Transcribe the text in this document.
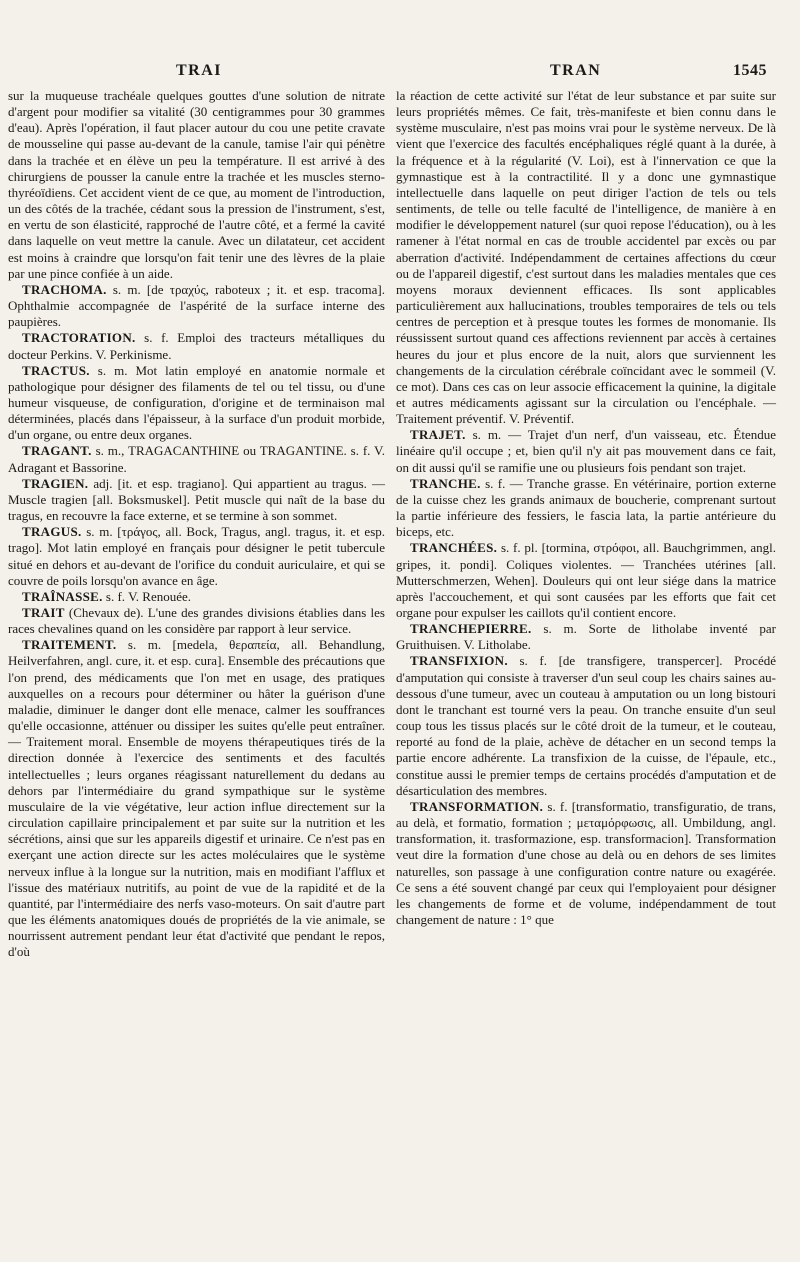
TRAI	TRAN	1545

sur la muqueuse trachéale quelques gouttes d'une solution de nitrate d'argent pour modifier sa vitalité (30 centigrammes pour 30 grammes d'eau). Après l'opération, il faut placer autour du cou une petite cravate de mousseline qui passe au-devant de la canule, tamise l'air qui pénètre dans la trachée et en élève un peu la température. Il est arrivé à des chirurgiens de pousser la canule entre la trachée et les muscles sterno-thyréoïdiens. Cet accident vient de ce que, au moment de l'introduction, un des côtés de la trachée, cédant sous la pression de l'instrument, s'est, en vertu de son élasticité, rapproché de l'autre côté, et a fermé la cavité dans laquelle on veut mettre la canule. Avec un dilatateur, cet accident est moins à craindre que lorsqu'on fait tenir une des lèvres de la plaie par une pince confiée à un aide.

TRACHOMA. s. m. [de τραχύς, raboteux ; it. et esp. tracoma]. Ophthalmie accompagnée de l'aspérité de la surface interne des paupières.

TRACTORATION. s. f. Emploi des tracteurs métalliques du docteur Perkins. V. Perkinisme.

TRACTUS. s. m. Mot latin employé en anatomie normale et pathologique pour désigner des filaments de tel ou tel tissu, ou d'une humeur visqueuse, de configuration, d'origine et de terminaison mal déterminées, placés dans l'épaisseur, à la surface d'un produit morbide, d'un organe, ou entre deux organes.

TRAGANT. s. m., TRAGACANTHINE ou TRAGANTINE. s. f. V. Adragant et Bassorine.

TRAGIEN. adj. [it. et esp. tragiano]. Qui appartient au tragus. — Muscle tragien [all. Boksmuskel]. Petit muscle qui naît de la base du tragus, en recouvre la face externe, et se termine à son sommet.

TRAGUS. s. m. [τράγος, all. Bock, Tragus, angl. tragus, it. et esp. trago]. Mot latin employé en français pour désigner le petit tubercule situé en dehors et au-devant de l'orifice du conduit auriculaire, et qui se couvre de poils lorsqu'on avance en âge.

TRAÎNASSE. s. f. V. Renouée.

TRAIT (Chevaux de). L'une des grandes divisions établies dans les races chevalines quand on les considère par rapport à leur service.

TRAITEMENT. s. m. [medela, θεραπεία, all. Behandlung, Heilverfahren, angl. cure, it. et esp. cura]. Ensemble des précautions que l'on prend, des médicaments que l'on met en usage, des pratiques auxquelles on a recours pour déterminer ou hâter la guérison d'une maladie, diminuer le danger dont elle menace, calmer les souffrances qu'elle occasionne, atténuer ou dissiper les suites qu'elle peut entraîner. — Traitement moral. Ensemble de moyens thérapeutiques tirés de la direction donnée à l'exercice des sentiments et des facultés intellectuelles ; leurs organes réagissant naturellement du dedans au dehors par l'intermédiaire du grand sympathique sur le système musculaire de la vie végétative, leur action influe directement sur la circulation capillaire principalement et par suite sur la nutrition et les sécrétions, ainsi que sur les appareils digestif et urinaire. Ce n'est pas en exerçant une action directe sur les actes moléculaires que le système nerveux influe à la longue sur la nutrition, mais en modifiant l'afflux et l'issue des matériaux nutritifs, au point de vue de la rapidité et de la quantité, par l'intermédiaire des nerfs vaso-moteurs. On sait d'autre part que les éléments anatomiques doués de propriétés de la vie animale, se nourrissent autrement pendant leur état d'activité que pendant le repos, d'où

la réaction de cette activité sur l'état de leur substance et par suite sur leurs propriétés mêmes. Ce fait, très-manifeste et bien connu dans le système musculaire, n'est pas moins vrai pour le système nerveux. De là vient que l'exercice des facultés encéphaliques réglé quant à la durée, à la fréquence et à la régularité (V. Loi), est à l'innervation ce que la gymnastique est à la contractilité. Il y a donc une gymnastique intellectuelle dans laquelle on peut diriger l'action de tels ou tels sentiments, de telle ou telle faculté de l'intelligence, de manière à en modifier le développement naturel (sur quoi repose l'éducation), ou à les ramener à l'état normal en cas de trouble accidentel par excès ou par aberration d'activité. Indépendamment de certaines affections du cœur ou de l'appareil digestif, c'est surtout dans les maladies mentales que ces moyens moraux deviennent efficaces. Ils sont applicables particulièrement aux hallucinations, troubles temporaires de tels ou tels centres de perception et à presque toutes les formes de monomanie. Ils réussissent surtout quand ces affections reviennent par accès à certaines heures du jour et plus encore de la nuit, alors que surviennent les changements de la circulation cérébrale coïncidant avec le sommeil (V. ce mot). Dans ces cas on leur associe efficacement la quinine, la digitale et autres médicaments agissant sur la circulation ou l'encéphale. — Traitement préventif. V. Préventif.

TRAJET. s. m. — Trajet d'un nerf, d'un vaisseau, etc. Étendue linéaire qu'il occupe ; et, bien qu'il n'y ait pas mouvement dans ce fait, on dit aussi qu'il se ramifie une ou plusieurs fois pendant son trajet.

TRANCHE. s. f. — Tranche grasse. En vétérinaire, portion externe de la cuisse chez les grands animaux de boucherie, comprenant surtout la partie inférieure des fessiers, le fascia lata, la partie antérieure du biceps, etc.

TRANCHÉES. s. f. pl. [tormina, στρόφοι, all. Bauchgrimmen, angl. gripes, it. pondi]. Coliques violentes. — Tranchées utérines [all. Mutterschmerzen, Wehen]. Douleurs qui ont leur siége dans la matrice après l'accouchement, et qui sont causées par les efforts que fait cet organe pour expulser les caillots qu'il contient encore.

TRANCHEPIERRE. s. m. Sorte de litholabe inventé par Gruithuisen. V. Litholabe.

TRANSFIXION. s. f. [de transfigere, transpercer]. Procédé d'amputation qui consiste à traverser d'un seul coup les chairs saines au-dessous d'une tumeur, avec un couteau à amputation ou un long bistouri dont le tranchant est tourné vers la peau. On tranche ensuite d'un seul coup tous les tissus placés sur le côté droit de la tumeur, et le couteau, reporté au fond de la plaie, achève de détacher en un second temps la partie encore adhérente. La transfixion de la cuisse, de l'épaule, etc., constitue aussi le premier temps de certains procédés d'amputation et de désarticulation des membres.

TRANSFORMATION. s. f. [transformatio, transfiguratio, de trans, au delà, et formatio, formation ; μεταμόρφωσις, all. Umbildung, angl. transformation, it. trasformazione, esp. transformacion]. Transformation veut dire la formation d'une chose au delà ou en dehors de ses limites naturelles, son passage à une configuration contre nature ou exagérée. Ce sens a été souvent changé par ceux qui l'employaient pour désigner les changements de forme et de volume, indépendamment de tout changement de nature : 1° que
